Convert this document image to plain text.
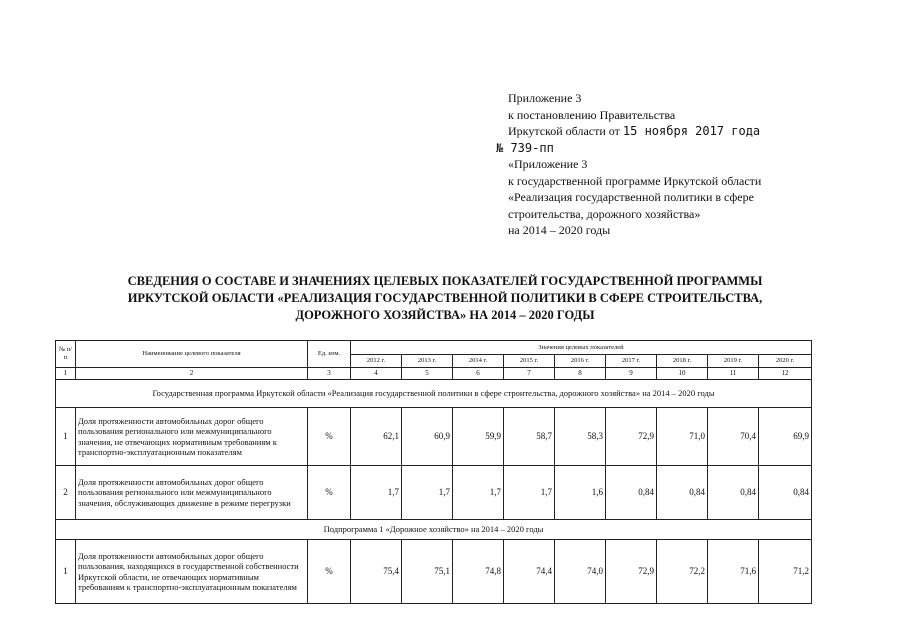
Приложение 3
к постановлению Правительства
Иркутской области от 15 ноября 2017 года
№ 739-пп
«Приложение 3
к государственной программе Иркутской области
«Реализация государственной политики в сфере
строительства, дорожного хозяйства»
на 2014 – 2020 годы
СВЕДЕНИЯ О СОСТАВЕ И ЗНАЧЕНИЯХ ЦЕЛЕВЫХ ПОКАЗАТЕЛЕЙ ГОСУДАРСТВЕННОЙ ПРОГРАММЫ
ИРКУТСКОЙ ОБЛАСТИ «РЕАЛИЗАЦИЯ ГОСУДАРСТВЕННОЙ ПОЛИТИКИ В СФЕРЕ СТРОИТЕЛЬСТВА,
ДОРОЖНОГО ХОЗЯЙСТВА» НА 2014 – 2020 ГОДЫ
№ п/п	Наименование целевого показателя	Ед. изм.	Значения целевых показателей								
			2012 г.	2013 г.	2014 г.	2015 г.	2016 г.	2017 г.	2018 г.	2019 г.	2020 г.
1	2	3	4	5	6	7	8	9	10	11	12
Государственная программа Иркутской области «Реализация государственной политики в сфере строительства, дорожного хозяйства» на 2014 – 2020 годы											
1	Доля протяженности автомобильных дорог общего пользования регионального или межмуниципального значения, не отвечающих нормативным требованиям к транспортно-эксплуатационным показателям	%	62,1	60,9	59,9	58,7	58,3	72,9	71,0	70,4	69,9
2	Доля протяженности автомобильных дорог общего пользования регионального или межмуниципального значения, обслуживающих движение в режиме перегрузки	%	1,7	1,7	1,7	1,7	1,6	0,84	0,84	0,84	0,84
Подпрограмма 1 «Дорожное хозяйство» на 2014 – 2020 годы											
1	Доля протяженности автомобильных дорог общего пользования, находящихся в государственной собственности Иркутской области, не отвечающих нормативным требованиям к транспортно-эксплуатационным показателям	%	75,4	75,1	74,8	74,4	74,0	72,9	72,2	71,6	71,2
